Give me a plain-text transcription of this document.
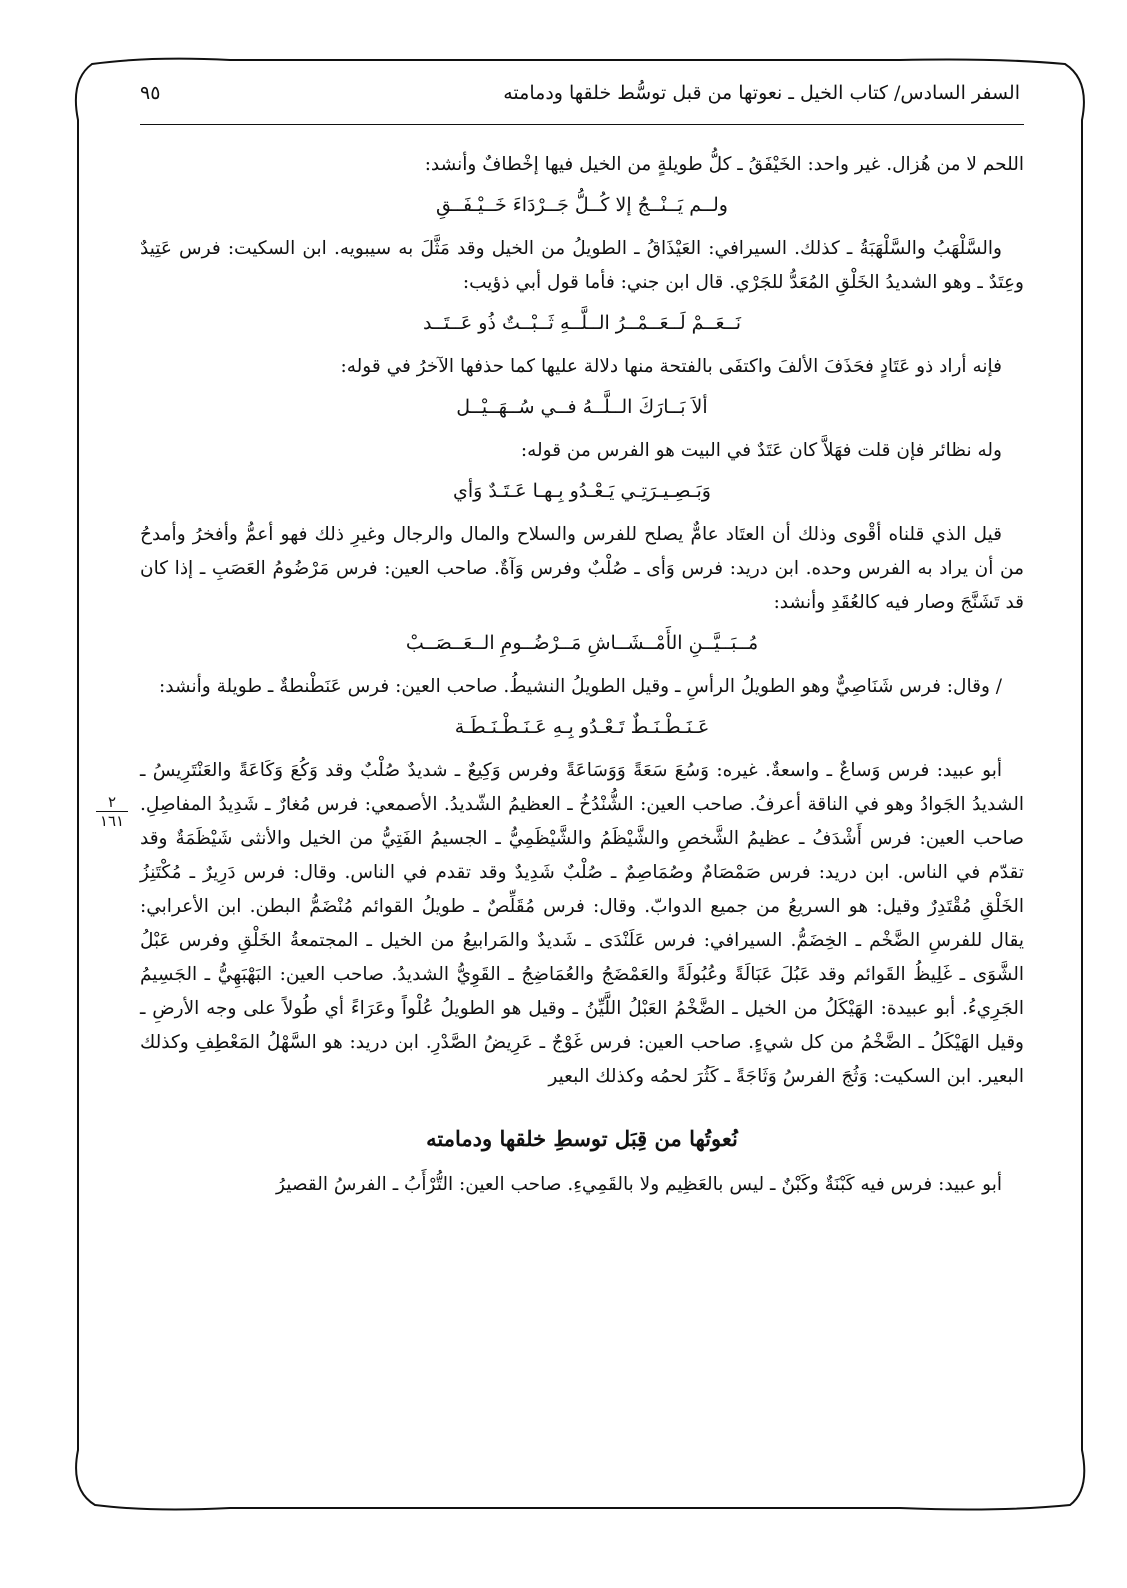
السفر السادس/ كتاب الخيل ـ نعوتها من قبل توسُّط خلقها ودمامته
٩٥
٢
١٦١

اللحم لا من هُزال. غير واحد: الخَيْفَقُ ـ كلُّ طويلةٍ من الخيل فيها إخْطافٌ وأنشد:

ولــم يَــنْــجُ إلا كُــلُّ جَــرْدَاءَ خَــيْـفَــقِ

والسَّلْهَبُ والسَّلْهَبَةُ ـ كذلك. السيرافي: العَيْذَاقُ ـ الطويلُ من الخيل وقد مَثَّلَ به سيبويه. ابن السكيت: فرس عَتِيدٌ وعِتَدٌ ـ وهو الشديدُ الخَلْقِ المُعَدُّ للجَرْي. قال ابن جني: فأما قول أبي ذؤيب:

نَــعَــمْ لَــعَــمْــرُ الــلَّــهِ ثَــبْــتٌ ذُو عَــتَــد

فإنه أراد ذو عَتَادٍ فحَذَفَ الألفَ واكتفَى بالفتحة منها دلالة عليها كما حذفها الآخرُ في قوله:

ألاَ بَــارَكَ الــلَّــهُ فــي سُــهَــيْــل

وله نظائر فإن قلت فهَلاَّ كان عَتَدٌ في البيت هو الفرس من قوله:

وَبَـصِـيـرَتِـي يَـعْـدُو بِـهـا عَـتَـدٌ وَأي

قيل الذي قلناه أقْوى وذلك أن العتَاد عامٌّ يصلح للفرس والسلاح والمال والرجال وغيرِ ذلك فهو أعمُّ وأفخرُ وأمدحُ من أن يراد به الفرس وحده. ابن دريد: فرس وَأى ـ صُلْبٌ وفرس وَآةٌ. صاحب العين: فرس مَرْضُومُ العَصَبِ ـ إذا كان قد تَشَنَّجَ وصار فيه كالعُقَدِ وأنشد:

مُــبَــيَّــنِ الأَمْــشَــاشِ مَــرْضُــومِ الــعَــصَــبْ

/ وقال: فرس شَنَاصِيٌّ وهو الطويلُ الرأسِ ـ وقيل الطويلُ النشيطُ. صاحب العين: فرس عَنَطْنطةٌ ـ طويلة وأنشد:

عَـنَـطْـنَـطٌ تَـعْـدُو بِـهِ عَـنَـطْـنَـطَـة

أبو عبيد: فرس وَساعٌ ـ واسعةٌ. غيره: وَسُعَ سَعَةً وَوَسَاعَةً وفرس وَكِيعٌ ـ شديدٌ صُلْبٌ وقد وَكُعَ وَكَاعَةً والعَنْتَرِيسُ ـ الشديدُ الجَوادُ وهو في الناقة أعرفُ. صاحب العين: الشُّنْدُخُ ـ العظيمُ الشّديدُ. الأصمعي: فرس مُغارٌ ـ شَدِيدُ المفاصِلِ. صاحب العين: فرس أَشْدَفُ ـ عظيمُ الشَّخصِ والشَّيْظَمُ والشَّيْظَمِيُّ ـ الجسيمُ الفَتِيُّ من الخيل والأنثى شَيْظَمَةٌ وقد تقدّم في الناس. ابن دريد: فرس صَمْصَامٌ وصُمَاصِمٌ ـ صُلْبٌ شَدِيدٌ وقد تقدم في الناس. وقال: فرس دَرِيرٌ ـ مُكْتَنِزُ الخَلْقِ مُقْتَدِرٌ وقيل: هو السريعُ من جميع الدوابّ. وقال: فرس مُقَلِّصٌ ـ طويلُ القوائم مُنْضَمُّ البطن. ابن الأعرابي: يقال للفرسِ الضَّخْم ـ الخِضَمُّ. السيرافي: فرس عَلَنْدَى ـ شَديدٌ والمَرابيعُ من الخيل ـ المجتمعةُ الخَلْقِ وفرس عَبْلُ الشَّوَى ـ غَلِيظُ القَوائم وقد عَبُلَ عَبَالَةً وعُبُولَةً والعَمْضَجُ والعُمَاضِجُ ـ القَوِيُّ الشديدُ. صاحب العين: البَهْبَهِيُّ ـ الجَسِيمُ الجَرِيءُ. أبو عبيدة: الهَيْكَلُ من الخيل ـ الضَّخْمُ العَبْلُ اللَّيِّنُ ـ وقيل هو الطويلُ عُلْواً وعَرَاءً أي طُولاً على وجه الأرضِ ـ وقيل الهَيْكَلُ ـ الضَّخْمُ من كل شيءٍ. صاحب العين: فرس غَوْجٌ ـ عَرِيضُ الصَّدْرِ. ابن دريد: هو السَّهْلُ المَعْطِفِ وكذلك البعير. ابن السكيت: وَثُجَ الفرسُ وَثَاجَةً ـ كَثُرَ لحمُه وكذلك البعير

نُعوتُها من قِبَل توسطِ خلقها ودمامته

أبو عبيد: فرس فيه كَبْنَةٌ وكَبْنٌ ـ ليس بالعَظِيم ولا بالقَمِيءِ. صاحب العين: التُّرْأَبُ ـ الفرسُ القصيرُ
